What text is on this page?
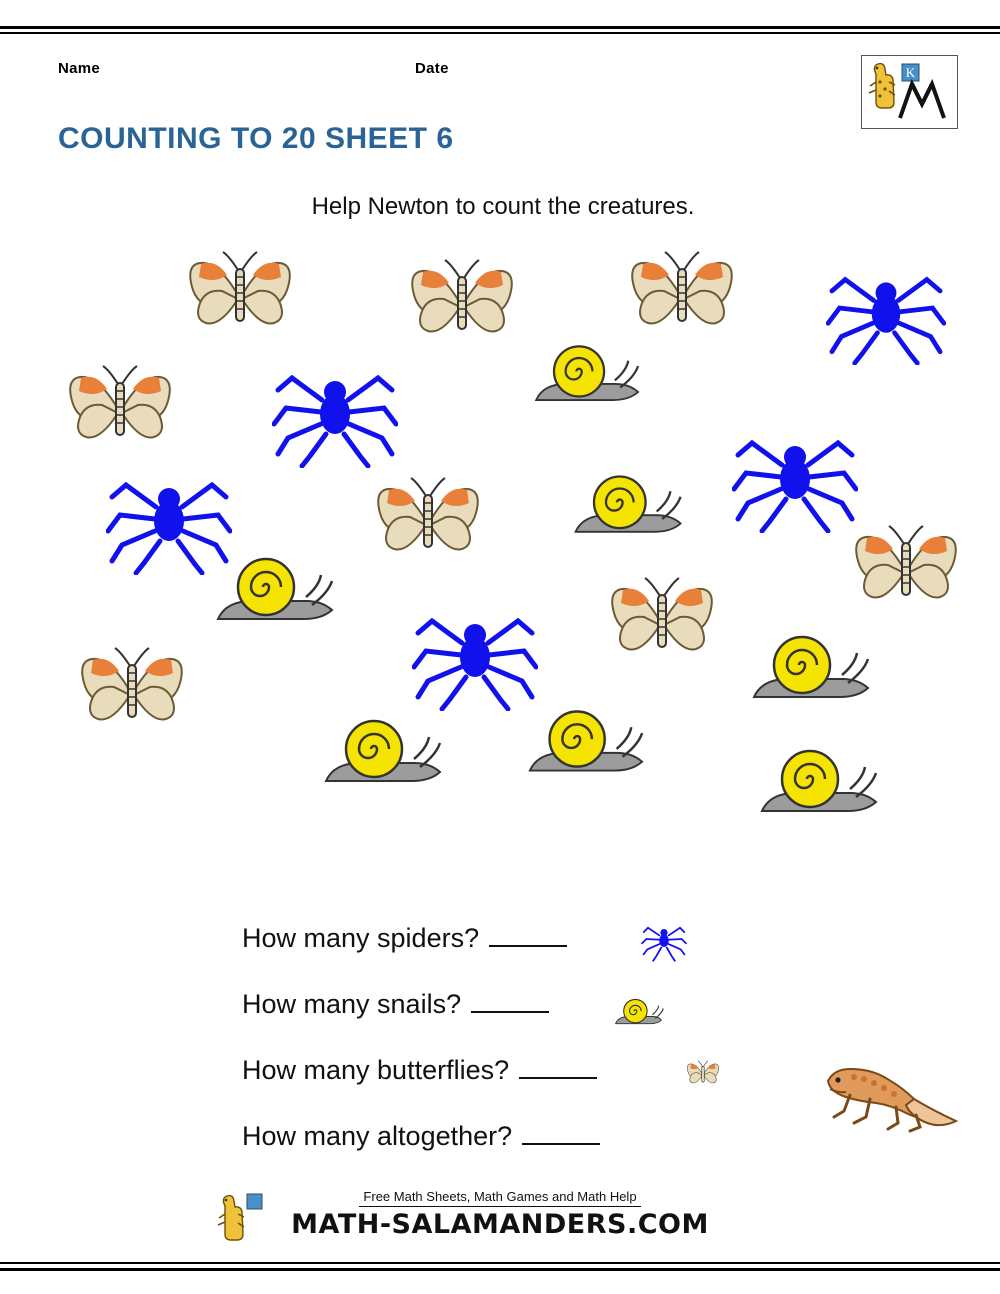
Name	Date	K
COUNTING TO 20 SHEET 6
Help Newton to count the creatures.
How many spiders?
How many snails?
How many butterflies?
How many altogether?
Free Math Sheets, Math Games and Math Help
MATH-SALAMANDERS.COM
